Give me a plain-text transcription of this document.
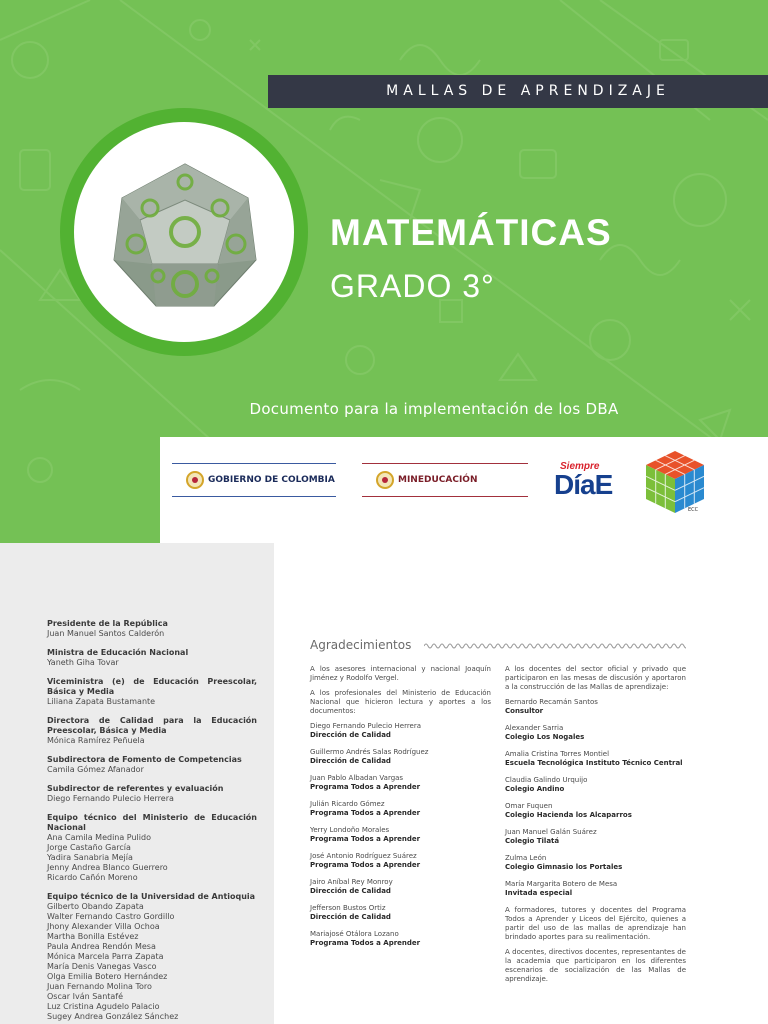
MALLAS DE APRENDIZAJE
MATEMÁTICAS
GRADO 3°
Documento para la implementación de los DBA
GOBIERNO DE COLOMBIA	MINEDUCACIÓN
Siempre
DíaE
ECC
Presidente de la República
Juan Manuel Santos Calderón
Ministra de Educación Nacional
Yaneth Giha Tovar
Viceministra (e) de Educación Preescolar, Básica y Media
Liliana Zapata Bustamante
Directora de Calidad para la Educación Preescolar, Básica y Media
Mónica Ramírez Peñuela
Subdirectora de Fomento de Competencias
Camila Gómez Afanador
Subdirector de referentes y evaluación
Diego Fernando Pulecio Herrera
Equipo técnico del Ministerio de Educación Nacional
Ana Camila Medina Pulido
Jorge Castaño García
Yadira Sanabria Mejía
Jenny Andrea Blanco Guerrero
Ricardo Cañón Moreno
Equipo técnico de la Universidad de Antioquia
Gilberto Obando Zapata
Walter Fernando Castro Gordillo
Jhony Alexander Villa Ochoa
Martha Bonilla Estévez
Paula Andrea Rendón Mesa
Mónica Marcela Parra Zapata
María Denis Vanegas Vasco
Olga Emilia Botero Hernández
Juan Fernando Molina Toro
Oscar Iván Santafé
Luz Cristina Agudelo Palacio
Sugey Andrea González Sánchez
Agradecimientos

A los asesores internacional y nacional Joaquín Jiménez y Rodolfo Vergel.

A los profesionales del Ministerio de Educación Nacional que hicieron lectura y aportes a los documentos:

Diego Fernando Pulecio Herrera
Dirección de Calidad
Guillermo Andrés Salas Rodríguez
Dirección de Calidad
Juan Pablo Albadan Vargas
Programa Todos a Aprender
Julián Ricardo Gómez
Programa Todos a Aprender
Yerry Londoño Morales
Programa Todos a Aprender
José Antonio Rodríguez Suárez
Programa Todos a Aprender
Jairo Aníbal Rey Monroy
Dirección de Calidad
Jefferson Bustos Ortiz
Dirección de Calidad
Mariajosé Otálora Lozano
Programa Todos a Aprender

A los docentes del sector oficial y privado que participaron en las mesas de discusión y aportaron a la construcción de las Mallas de aprendizaje:

Bernardo Recamán Santos
Consultor
Alexander Sarria
Colegio Los Nogales
Amalia Cristina Torres Montiel
Escuela Tecnológica Instituto Técnico Central
Claudia Galindo Urquijo
Colegio Andino
Omar Fuquen
Colegio Hacienda los Alcaparros
Juan Manuel Galán Suárez
Colegio Tilatá
Zulma León
Colegio Gimnasio los Portales
María Margarita Botero de Mesa
Invitada especial

A formadores, tutores y docentes del Programa Todos a Aprender y Liceos del Ejército, quienes a partir del uso de las mallas de aprendizaje han brindado aportes para su realimentación.

A docentes, directivos docentes, representantes de la academia que participaron en los diferentes escenarios de socialización de las Mallas de aprendizaje.
